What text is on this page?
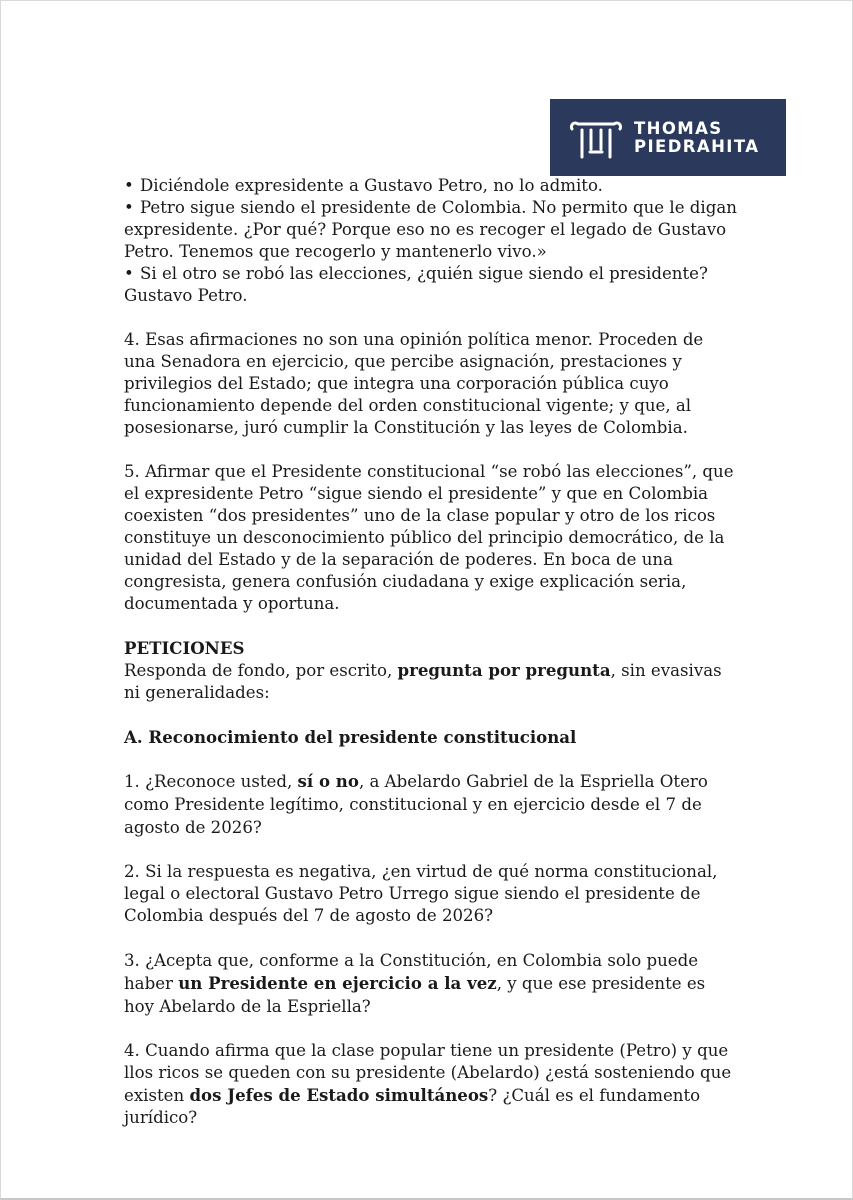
THOMAS
PIEDRAHITA
• Diciéndole expresidente a Gustavo Petro, no lo admito.
• Petro sigue siendo el presidente de Colombia. No permito que le digan expresidente. ¿Por qué? Porque eso no es recoger el legado de Gustavo Petro. Tenemos que recogerlo y mantenerlo vivo.»
• Si el otro se robó las elecciones, ¿quién sigue siendo el presidente? Gustavo Petro.

4. Esas afirmaciones no son una opinión política menor. Proceden de una Senadora en ejercicio, que percibe asignación, prestaciones y privilegios del Estado; que integra una corporación pública cuyo funcionamiento depende del orden constitucional vigente; y que, al posesionarse, juró cumplir la Constitución y las leyes de Colombia.

5. Afirmar que el Presidente constitucional “se robó las elecciones”, que el expresidente Petro “sigue siendo el presidente” y que en Colombia coexisten “dos presidentes” uno de la clase popular y otro de los ricos constituye un desconocimiento público del principio democrático, de la unidad del Estado y de la separación de poderes. En boca de una congresista, genera confusión ciudadana y exige explicación seria, documentada y oportuna.

PETICIONES

Responda de fondo, por escrito, pregunta por pregunta, sin evasivas ni generalidades:

A. Reconocimiento del presidente constitucional

1. ¿Reconoce usted, sí o no, a Abelardo Gabriel de la Espriella Otero como Presidente legítimo, constitucional y en ejercicio desde el 7 de agosto de 2026?

2. Si la respuesta es negativa, ¿en virtud de qué norma constitucional, legal o electoral Gustavo Petro Urrego sigue siendo el presidente de Colombia después del 7 de agosto de 2026?

3. ¿Acepta que, conforme a la Constitución, en Colombia solo puede haber un Presidente en ejercicio a la vez, y que ese presidente es hoy Abelardo de la Espriella?

4. Cuando afirma que la clase popular tiene un presidente (Petro) y que llos ricos se queden con su presidente (Abelardo) ¿está sosteniendo que existen dos Jefes de Estado simultáneos? ¿Cuál es el fundamento jurídico?
